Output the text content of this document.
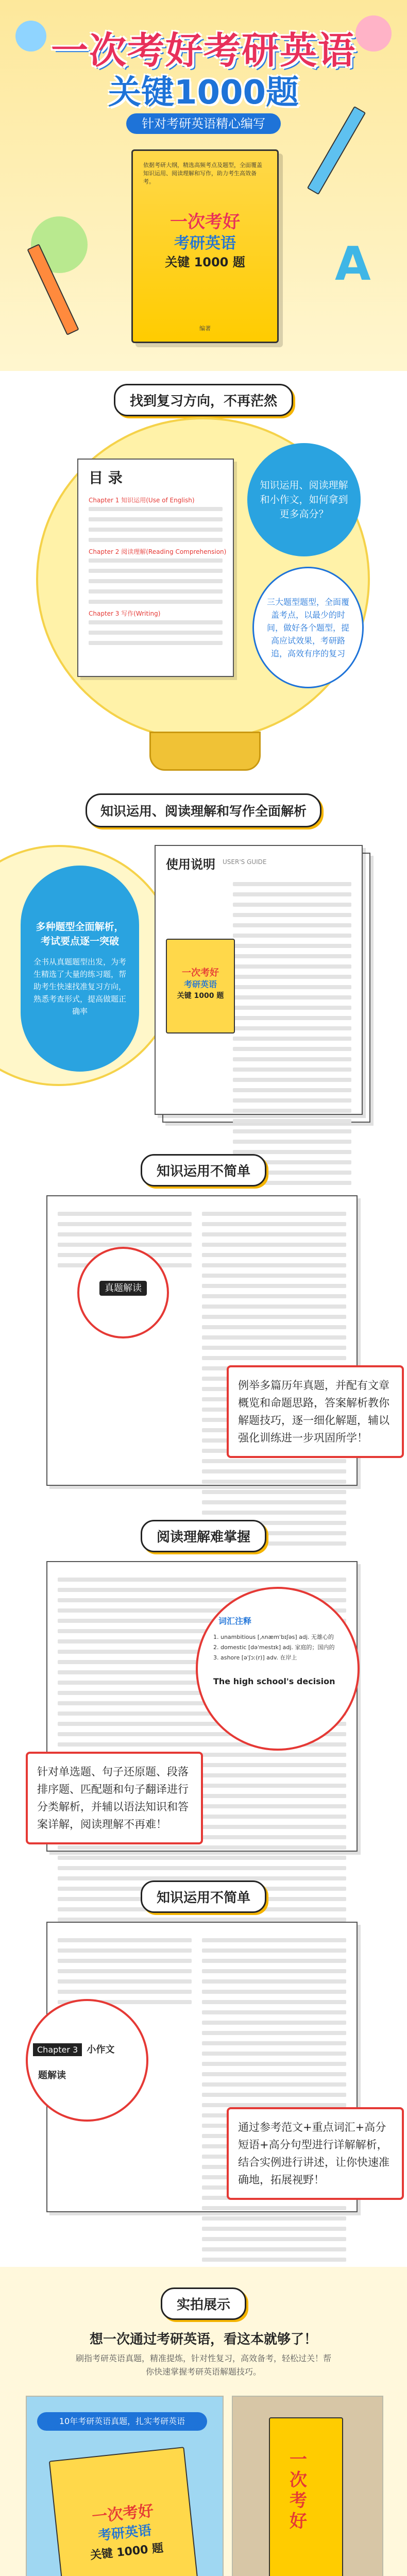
A
一次考好考研英语
关键1000题
针对考研英语精心编写
依据考研大纲，精选高频考点及题型，全面覆盖知识运用、阅读理解和写作，助力考生高效备考。
一次考好
考研英语
关键 1000 题
编著
找到复习方向，不再茫然
目 录
Chapter 1 知识运用(Use of English)
Chapter 2 阅读理解(Reading Comprehension)
Chapter 3 写作(Writing)
知识运用、阅读理解和小作文，如何拿到更多高分？
三大题型题型，全面覆盖考点，以最少的时间，做好各个题型，提高应试效果，考研路追，高效有序的复习
知识运用、阅读理解和写作全面解析
多种题型全面解析，考试要点逐一突破
全书从真题题型出发，为考生精选了大量的练习题，帮助考生快速找准复习方向，熟悉考查形式，提高做题正确率
使用说明 USER'S GUIDE
一次考好
考研英语
关键 1000 题
知识运用不简单
真题解读
例举多篇历年真题，并配有文章概览和命题思路，答案解析教你解题技巧，逐一细化解题，辅以强化训练进一步巩固所学！
阅读理解难掌握
词汇注释
1. unambitious [ˌʌnæmˈbɪʃəs] adj. 无雄心的
2. domestic [dəˈmestɪk] adj. 家庭的；国内的
3. ashore [əˈʃɔː(r)] adv. 在岸上
The high school's decision
针对单选题、句子还原题、段落排序题、匹配题和句子翻译进行分类解析，并辅以语法知识和答案详解，阅读理解不再难！
知识运用不简单
Chapter 3 小作文
题解读
通过参考范文+重点词汇+高分短语+高分句型进行详解解析，结合实例进行讲述，让你快速准确地，拓展视野！
实拍展示
想一次通过考研英语，看这本就够了！
刷指考研英语真题，精准提炼，针对性复习，高效备考，轻松过关！帮你快速掌握考研英语解题技巧。
一次考好
考研英语
关键 1000 题
10年考研英语真题，扎实考研英语
一次考好
